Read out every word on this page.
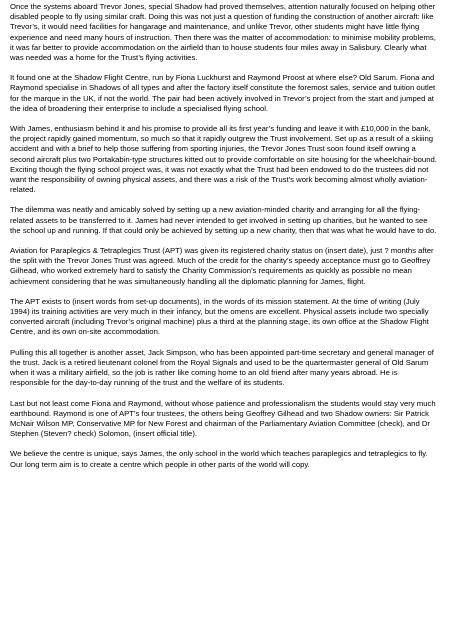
Once the systems aboard Trevor Jones, special Shadow had proved themselves, attention naturally focused on helping other disabled people to fly using similar craft. Doing this was not just a question of funding the construction of another aircraft: like Trevor’s, it would need facilities for hangarage and maintenance, and unlike Trevor, other students might have little flying experience and need many hours of instruction. Then there was the matter of accommodation: to minimise mobility problems, it was far better to provide accommodation on the airfield than to house students four miles away in Salisbury. Clearly what was needed was a home for the Trust’s flying activities.

It found one at the Shadow Flight Centre, run by Fiona Luckhurst and Raymond Proost at where else? Old Sarum. Fiona and Raymond specialise in Shadows of all types and after the factory itself constitute the foremost sales, service and tuition outlet for the marque in the UK, if not the world. The pair had been actively involved in Trevor’s project from the start and jumped at the idea of broadening their enterprise to include a specialised flying school.

With James, enthusiasm behind it and his promise to provide all its first year’s funding and leave it with £10,000 in the bank, the project rapidly gained momentum, so much so that it rapidly outgrew the Trust involvement. Set up as a result of a skiiing accident and with a brief to help those suffering from sporting injuries, the Trevor Jones Trust soon found itself owning a second aircraft plus two Portakabin-type structures kitted out to provide comfortable on site housing for the wheelchair-bound. Exciting though the flying school project was, it was not exactly what the Trust had been endowed to do the trustees did not want the responsibility of owning physical assets, and there was a risk of the Trust’s work becoming almost wholly aviation-related.

The dilemma was neatly and amicably solved by setting up a new aviation-minded charity and arranging for all the flying-related assets to be transferred to it. James had never intended to get involved in setting up charities, but he wanted to see the school up and running. If that could only be achieved by setting up a new charity, then that was what he would have to do.

Aviation for Paraplegics & Tetraplegics Trust (APT) was given its registered charity status on (insert date), just ? months after the split with the Trevor Jones Trust was agreed. Much of the credit for the charity’s speedy acceptance must go to Geoffrey Gilhead, who worked extremely hard to satisfy the Charity Commission’s requirements as quickly as possible no mean achievment considering that he was simultaneously handling all the diplomatic planning for James, flight.

The APT exists to (insert words from set-up documents), in the words of its mission statement. At the time of writing (July 1994) its training activities are very much in their infancy, but the omens are excellent. Physical assets include two specially converted aircraft (including Trevor’s original machine) plus a third at the planning stage, its own office at the Shadow Flight Centre, and its own on-site accommodation.

Pulling this all together is another asset, Jack Simpson, who has been appointed part-time secretary and general manager of the trust. Jack is a retired lieutenant colonel from the Royal Signals and used to be the quartermaster general of Old Sarum when it was a military airfield, so the job is rather like coming home to an old friend after many years abroad. He is responsible for the day-to-day running of the trust and the welfare of its students.

Last but not least come Fiona and Raymond, without whose patience and professionalism the students would stay very much earthbound. Raymond is one of APT’s four trustees, the others being Geoffrey Gilhead and two Shadow owners: Sir Patrick McNair Wilson MP, Conservative MP for New Forest and chairman of the Parliamentary Aviation Committee (check), and Dr Stephen (Steven? check) Solomon, (insert official title).

We believe the centre is unique, says James, the only school in the world which teaches paraplegics and tetraplegics to fly. Our long term aim is to create a centre which people in other parts of the world will copy.
